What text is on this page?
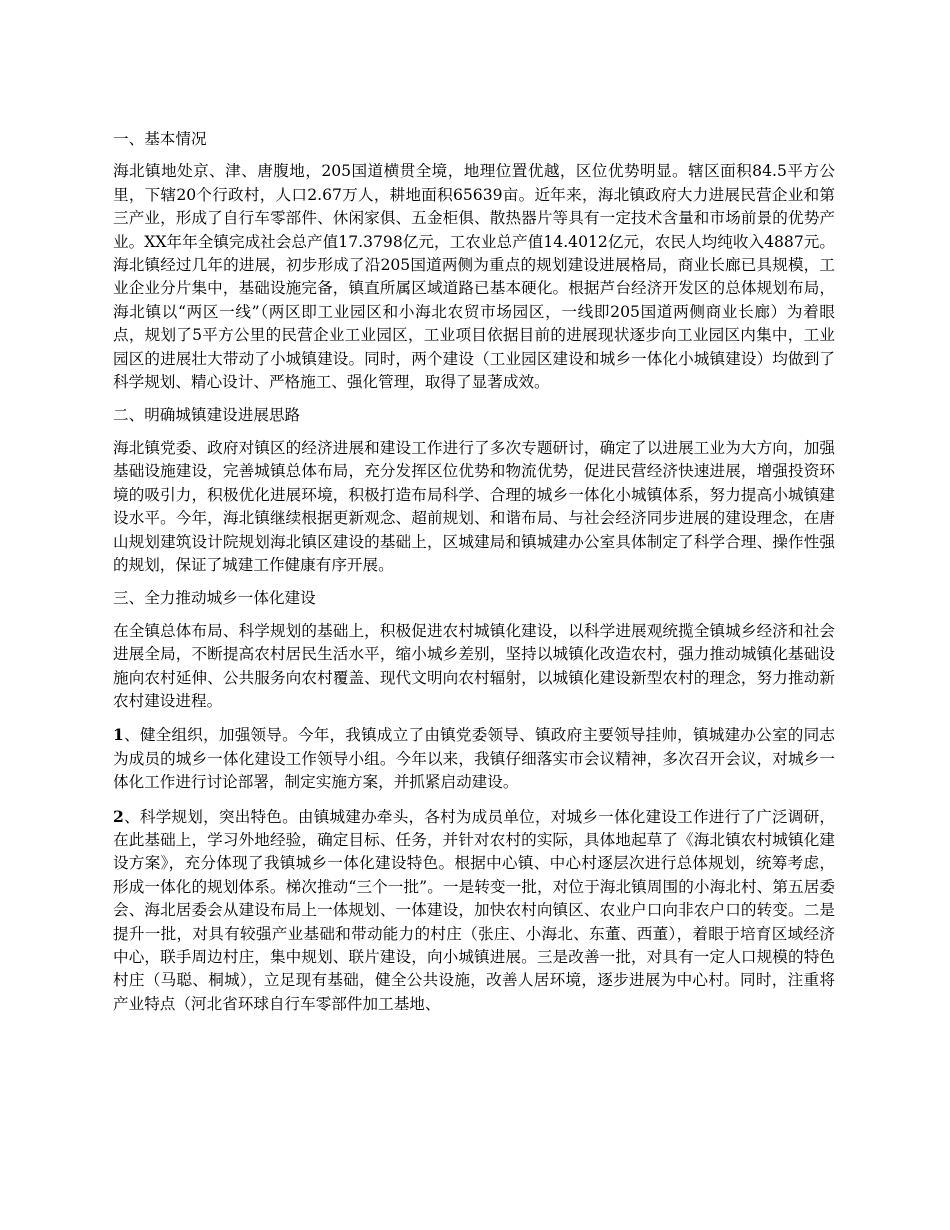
一、基本情况
海北镇地处京、津、唐腹地，205国道横贯全境，地理位置优越，区位优势明显。辖区面积84.5平方公里，下辖20个行政村，人口2.67万人，耕地面积65639亩。近年来，海北镇政府大力进展民营企业和第三产业，形成了自行车零部件、休闲家俱、五金柜俱、散热器片等具有一定技术含量和市场前景的优势产业。XX年年全镇完成社会总产值17.3798亿元，工农业总产值14.4012亿元，农民人均纯收入4887元。海北镇经过几年的进展，初步形成了沿205国道两侧为重点的规划建设进展格局，商业长廊已具规模，工业企业分片集中，基础设施完备，镇直所属区域道路已基本硬化。根据芦台经济开发区的总体规划布局，海北镇以“两区一线”（两区即工业园区和小海北农贸市场园区，一线即205国道两侧商业长廊）为着眼点，规划了5平方公里的民营企业工业园区，工业项目依据目前的进展现状逐步向工业园区内集中，工业园区的进展壮大带动了小城镇建设。同时，两个建设（工业园区建设和城乡一体化小城镇建设）均做到了科学规划、精心设计、严格施工、强化管理，取得了显著成效。
二、明确城镇建设进展思路
海北镇党委、政府对镇区的经济进展和建设工作进行了多次专题研讨，确定了以进展工业为大方向，加强基础设施建设，完善城镇总体布局，充分发挥区位优势和物流优势，促进民营经济快速进展，增强投资环境的吸引力，积极优化进展环境，积极打造布局科学、合理的城乡一体化小城镇体系，努力提高小城镇建设水平。今年，海北镇继续根据更新观念、超前规划、和谐布局、与社会经济同步进展的建设理念，在唐山规划建筑设计院规划海北镇区建设的基础上，区城建局和镇城建办公室具体制定了科学合理、操作性强的规划，保证了城建工作健康有序开展。
三、全力推动城乡一体化建设
在全镇总体布局、科学规划的基础上，积极促进农村城镇化建设，以科学进展观统揽全镇城乡经济和社会进展全局，不断提高农村居民生活水平，缩小城乡差别，坚持以城镇化改造农村，强力推动城镇化基础设施向农村延伸、公共服务向农村覆盖、现代文明向农村辐射，以城镇化建设新型农村的理念，努力推动新农村建设进程。
1、健全组织，加强领导。今年，我镇成立了由镇党委领导、镇政府主要领导挂帅，镇城建办公室的同志为成员的城乡一体化建设工作领导小组。今年以来，我镇仔细落实市会议精神，多次召开会议，对城乡一体化工作进行讨论部署，制定实施方案，并抓紧启动建设。
2、科学规划，突出特色。由镇城建办牵头，各村为成员单位，对城乡一体化建设工作进行了广泛调研，在此基础上，学习外地经验，确定目标、任务，并针对农村的实际，具体地起草了《海北镇农村城镇化建设方案》，充分体现了我镇城乡一体化建设特色。根据中心镇、中心村逐层次进行总体规划，统筹考虑，形成一体化的规划体系。梯次推动“三个一批”。一是转变一批，对位于海北镇周围的小海北村、第五居委会、海北居委会从建设布局上一体规划、一体建设，加快农村向镇区、农业户口向非农户口的转变。二是提升一批，对具有较强产业基础和带动能力的村庄（张庄、小海北、东董、西董），着眼于培育区域经济中心，联手周边村庄，集中规划、联片建设，向小城镇进展。三是改善一批，对具有一定人口规模的特色村庄（马聪、桐城），立足现有基础，健全公共设施，改善人居环境，逐步进展为中心村。同时，注重将产业特点（河北省环球自行车零部件加工基地、
